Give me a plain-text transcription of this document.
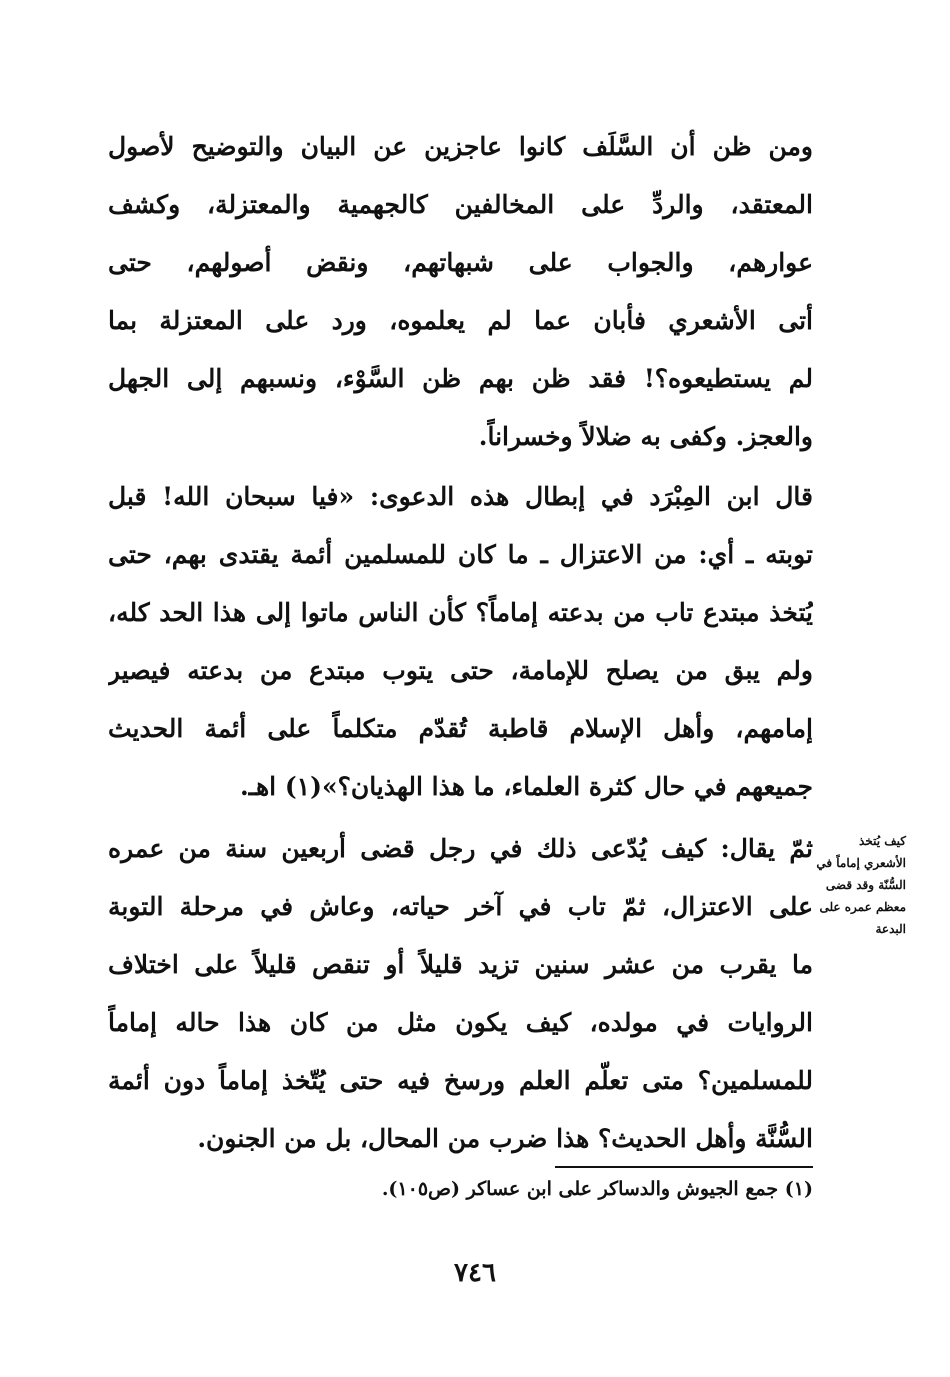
ومن ظن أن السَّلَف كانوا عاجزين عن البيان والتوضيح لأصول
المعتقد، والردِّ على المخالفين كالجهمية والمعتزلة، وكشف
عوارهم، والجواب على شبهاتهم، ونقض أصولهم، حتى
أتى الأشعري فأبان عما لم يعلموه، ورد على المعتزلة بما
لم يستطيعوه؟! فقد ظن بهم ظن السَّوْء، ونسبهم إلى الجهل
والعجز. وكفى به ضلالاً وخسراناً.

قال ابن المِبْرَد في إبطال هذه الدعوى: «فيا سبحان الله! قبل
توبته ـ أي: من الاعتزال ـ ما كان للمسلمين أئمة يقتدى بهم، حتى
يُتخذ مبتدع تاب من بدعته إماماً؟ كأن الناس ماتوا إلى هذا الحد كله،
ولم يبق من يصلح للإمامة، حتى يتوب مبتدع من بدعته فيصير
إمامهم، وأهل الإسلام قاطبة تُقدّم متكلماً على أئمة الحديث
جميعهم في حال كثرة العلماء، ما هذا الهذيان؟»(١) اهـ.

كيف يُتخذ
الأشعري إماماً في
السُّنّة وقد قضى
معظم عمره على
البدعة

ثمّ يقال: كيف يُدّعى ذلك في رجل قضى أربعين سنة من عمره
على الاعتزال، ثمّ تاب في آخر حياته، وعاش في مرحلة التوبة
ما يقرب من عشر سنين تزيد قليلاً أو تنقص قليلاً على اختلاف
الروايات في مولده، كيف يكون مثل من كان هذا حاله إماماً
للمسلمين؟ متى تعلّم العلم ورسخ فيه حتى يُتّخذ إماماً دون أئمة
السُّنَّة وأهل الحديث؟ هذا ضرب من المحال، بل من الجنون.

(١) جمع الجيوش والدساكر على ابن عساكر (ص١٠٥).
٧٤٦
